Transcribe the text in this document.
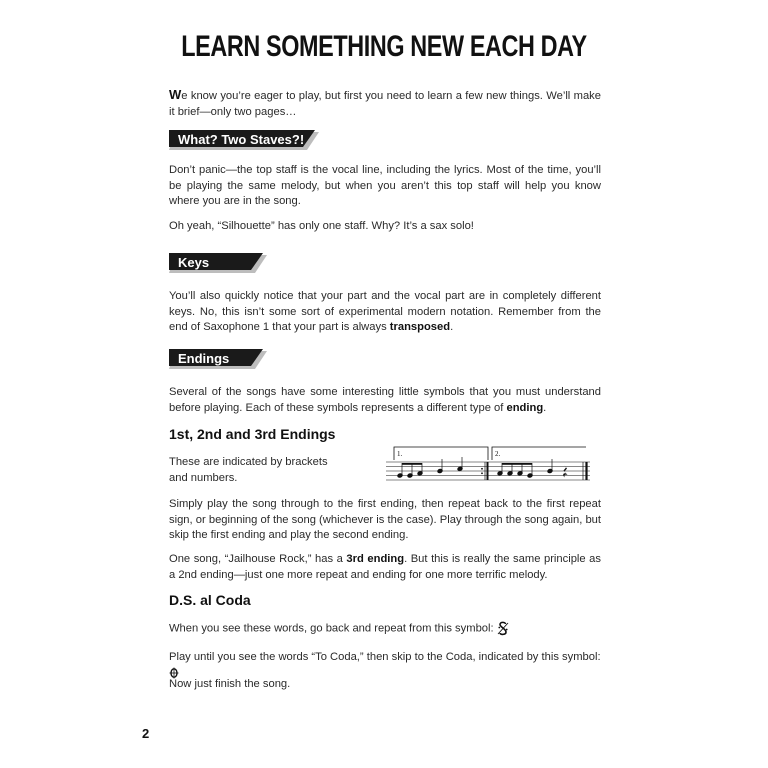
LEARN SOMETHING NEW EACH DAY
We know you’re eager to play, but first you need to learn a few new things. We’ll make it brief—only two pages…
What? Two Staves?!
Don’t panic—the top staff is the vocal line, including the lyrics. Most of the time, you’ll be playing the same melody, but when you aren’t this top staff will help you know where you are in the song.
Oh yeah, “Silhouette” has only one staff. Why? It’s a sax solo!
Keys
You’ll also quickly notice that your part and the vocal part are in completely different keys. No, this isn’t some sort of experimental modern notation. Remember from the end of Saxophone 1 that your part is always transposed.
Endings
Several of the songs have some interesting little symbols that you must understand before playing. Each of these symbols represents a different type of ending.
1st, 2nd and 3rd Endings
These are indicated by brackets and numbers.
1.	2.
Simply play the song through to the first ending, then repeat back to the first repeat sign, or beginning of the song (whichever is the case). Play through the song again, but skip the first ending and play the second ending.
One song, “Jailhouse Rock,” has a 3rd ending. But this is really the same principle as a 2nd ending—just one more repeat and ending for one more terrific melody.
D.S. al Coda
When you see these words, go back and repeat from this symbol:
Play until you see the words “To Coda,” then skip to the Coda, indicated by this symbol:
Now just finish the song.
2
